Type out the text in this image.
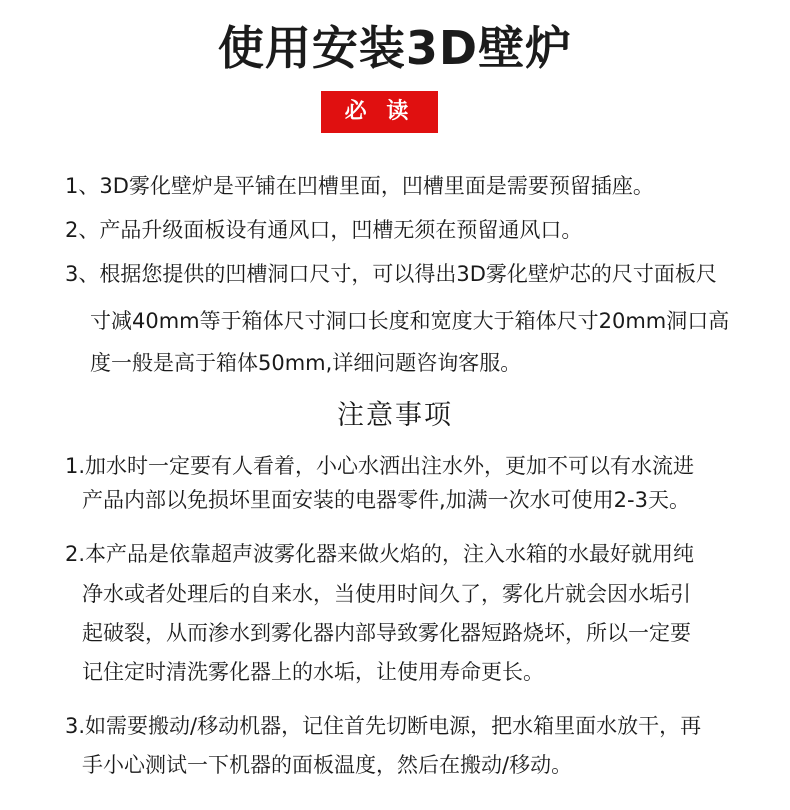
使用安装3D壁炉
必 读
1、3D雾化壁炉是平铺在凹槽里面，凹槽里面是需要预留插座。
2、产品升级面板设有通风口，凹槽无须在预留通风口。
3、根据您提供的凹槽洞口尺寸，可以得出3D雾化壁炉芯的尺寸面板尺
寸减40mm等于箱体尺寸洞口长度和宽度大于箱体尺寸20mm洞口高
度一般是高于箱体50mm,详细问题咨询客服。
注意事项
1.加水时一定要有人看着，小心水洒出注水外，更加不可以有水流进
产品内部以免损坏里面安装的电器零件,加满一次水可使用2-3天。
2.本产品是依靠超声波雾化器来做火焰的，注入水箱的水最好就用纯
净水或者处理后的自来水，当使用时间久了，雾化片就会因水垢引
起破裂，从而渗水到雾化器内部导致雾化器短路烧坏，所以一定要
记住定时清洗雾化器上的水垢，让使用寿命更长。
3.如需要搬动/移动机器，记住首先切断电源，把水箱里面水放干，再
手小心测试一下机器的面板温度，然后在搬动/移动。
